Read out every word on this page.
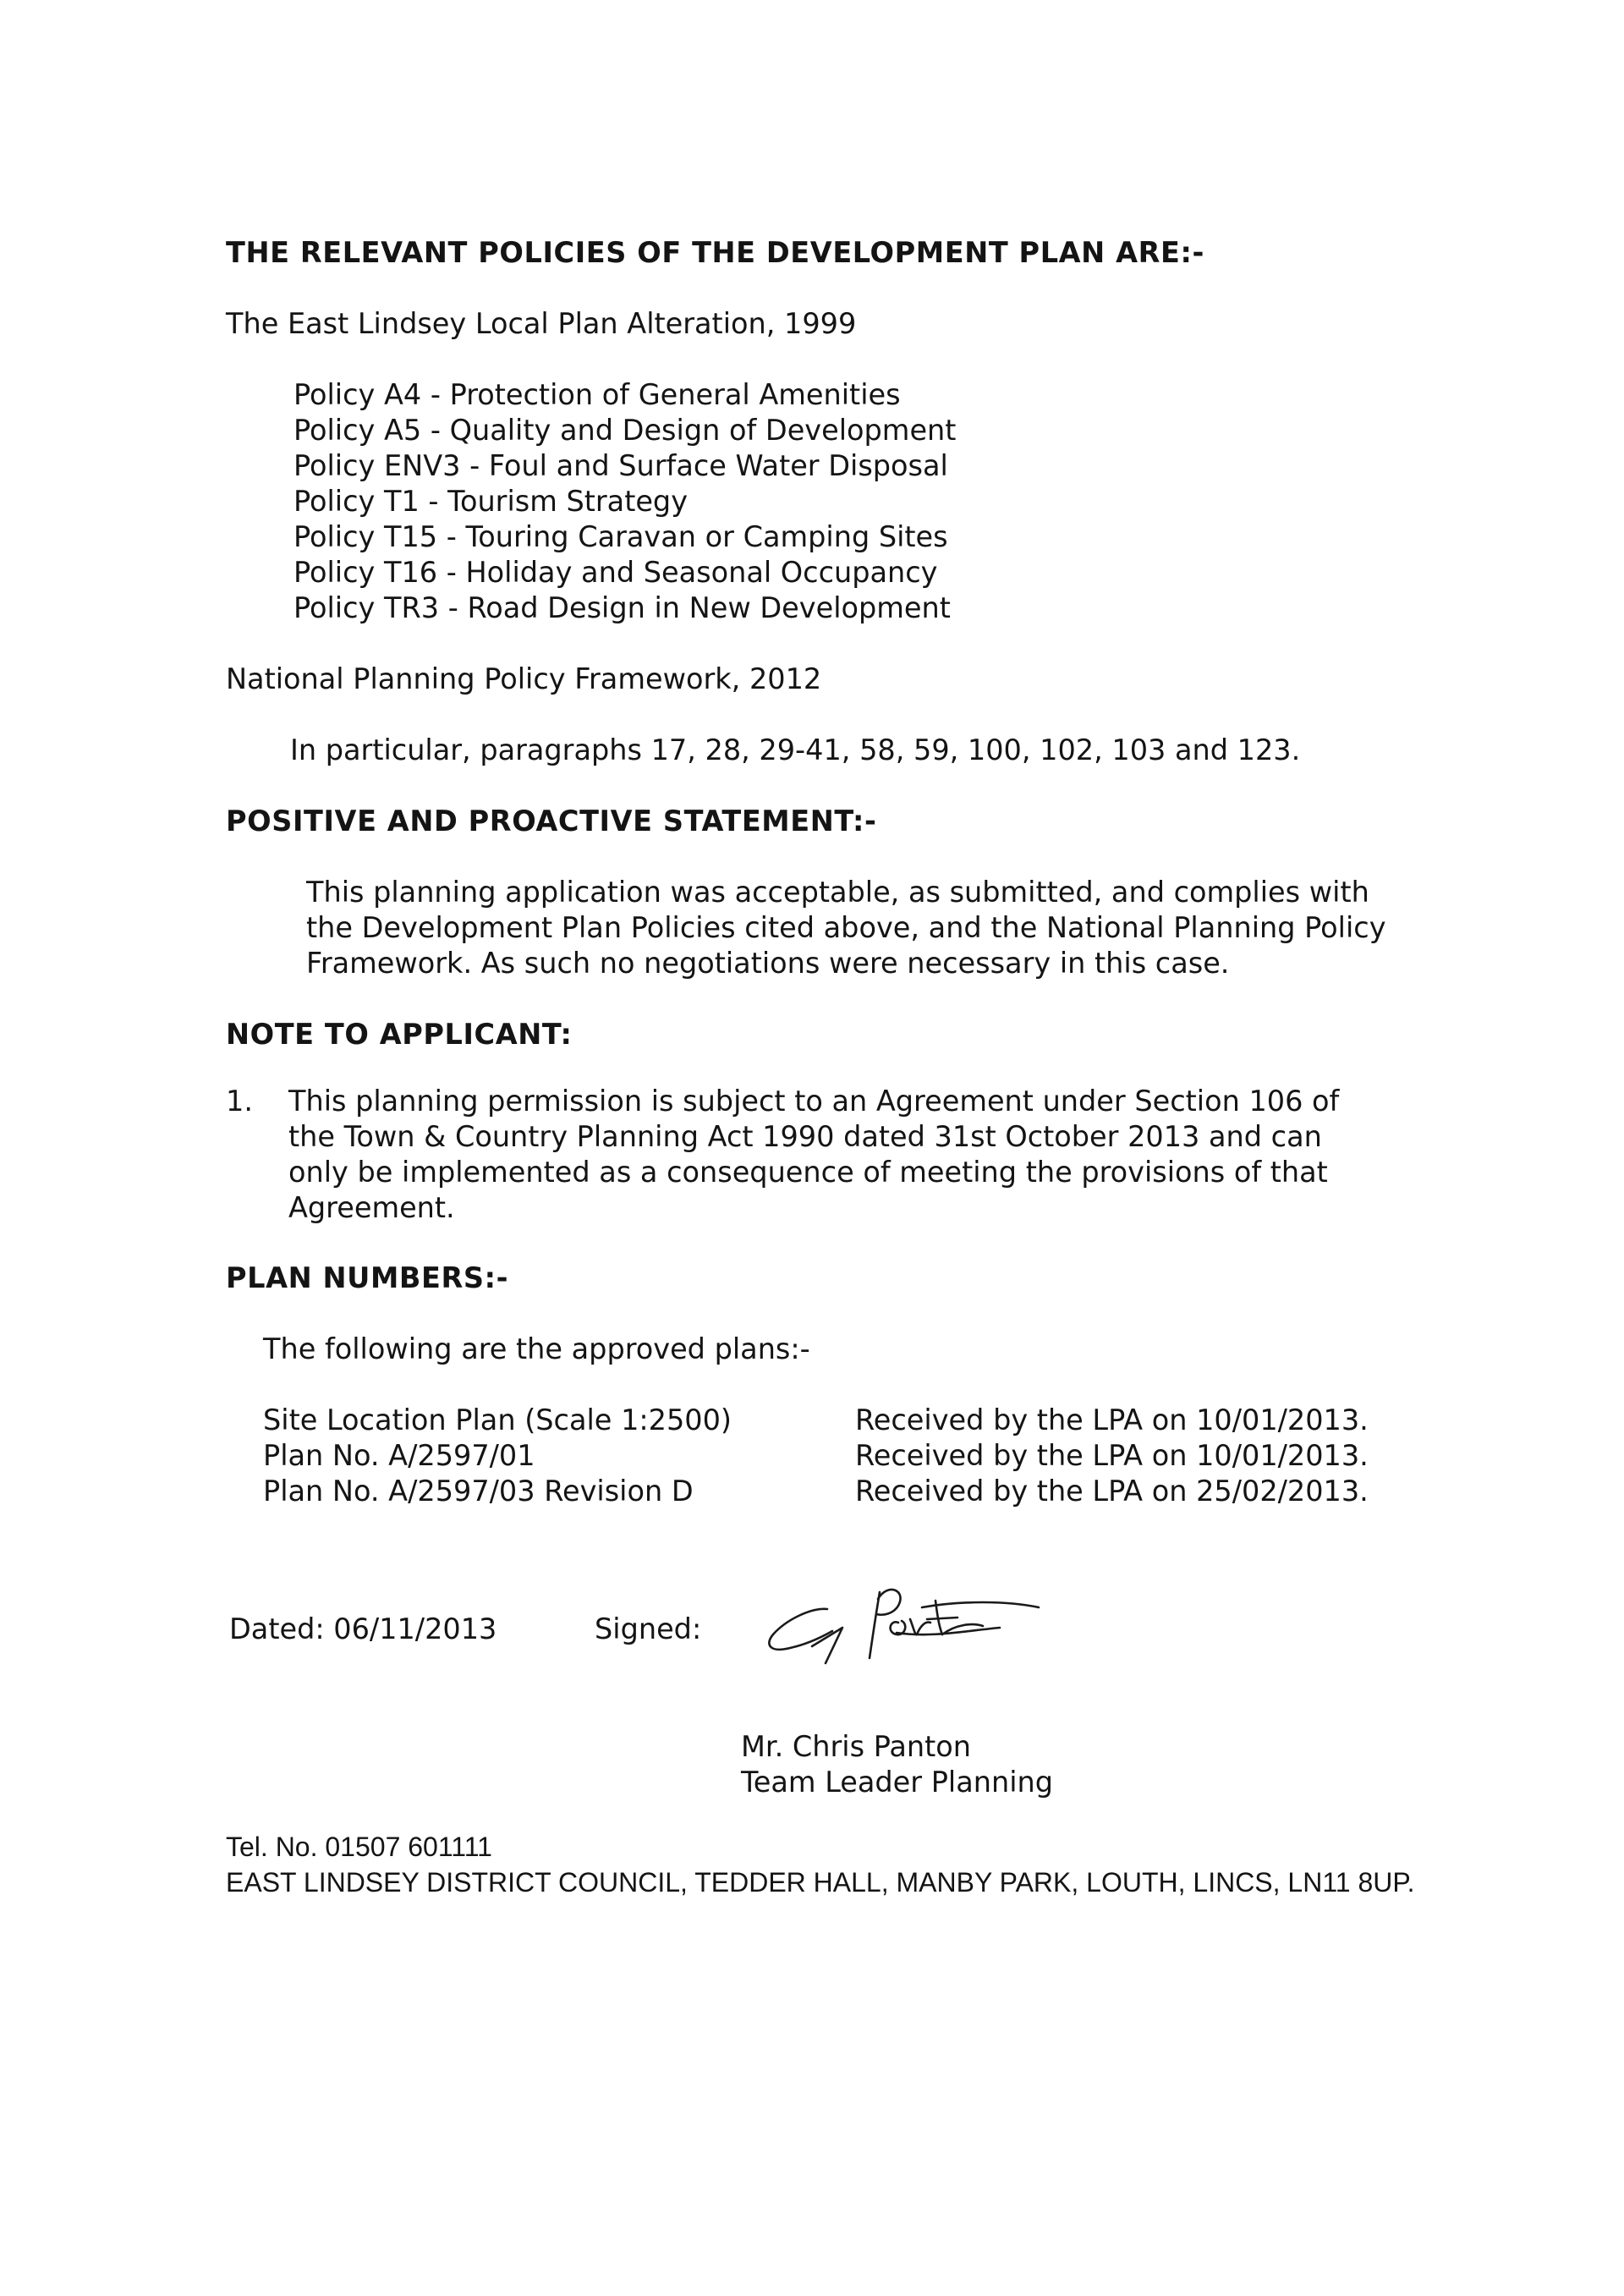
THE RELEVANT POLICIES OF THE DEVELOPMENT PLAN ARE:-

The East Lindsey Local Plan Alteration, 1999

Policy A4 - Protection of General Amenities

Policy A5 - Quality and Design of Development

Policy ENV3 - Foul and Surface Water Disposal

Policy T1 - Tourism Strategy

Policy T15 - Touring Caravan or Camping Sites

Policy T16 - Holiday and Seasonal Occupancy

Policy TR3 - Road Design in New Development

National Planning Policy Framework, 2012

In particular, paragraphs 17, 28, 29-41, 58, 59, 100, 102, 103 and 123.

POSITIVE AND PROACTIVE STATEMENT:-

This planning application was acceptable, as submitted, and complies with

the Development Plan Policies cited above, and the National Planning Policy

Framework. As such no negotiations were necessary in this case.

NOTE TO APPLICANT:

1. This planning permission is subject to an Agreement under Section 106 of

the Town & Country Planning Act 1990 dated 31st October 2013 and can

only be implemented as a consequence of meeting the provisions of that

Agreement.

PLAN NUMBERS:-

The following are the approved plans:-

Site Location Plan (Scale 1:2500)	Received by the LPA on 10/01/2013.

Plan No. A/2597/01	Received by the LPA on 10/01/2013.

Plan No. A/2597/03 Revision D	Received by the LPA on 25/02/2013.

Dated: 06/11/2013	Signed:

Mr. Chris Panton

Team Leader Planning

Tel. No. 01507 601111

EAST LINDSEY DISTRICT COUNCIL, TEDDER HALL, MANBY PARK, LOUTH, LINCS, LN11 8UP.
